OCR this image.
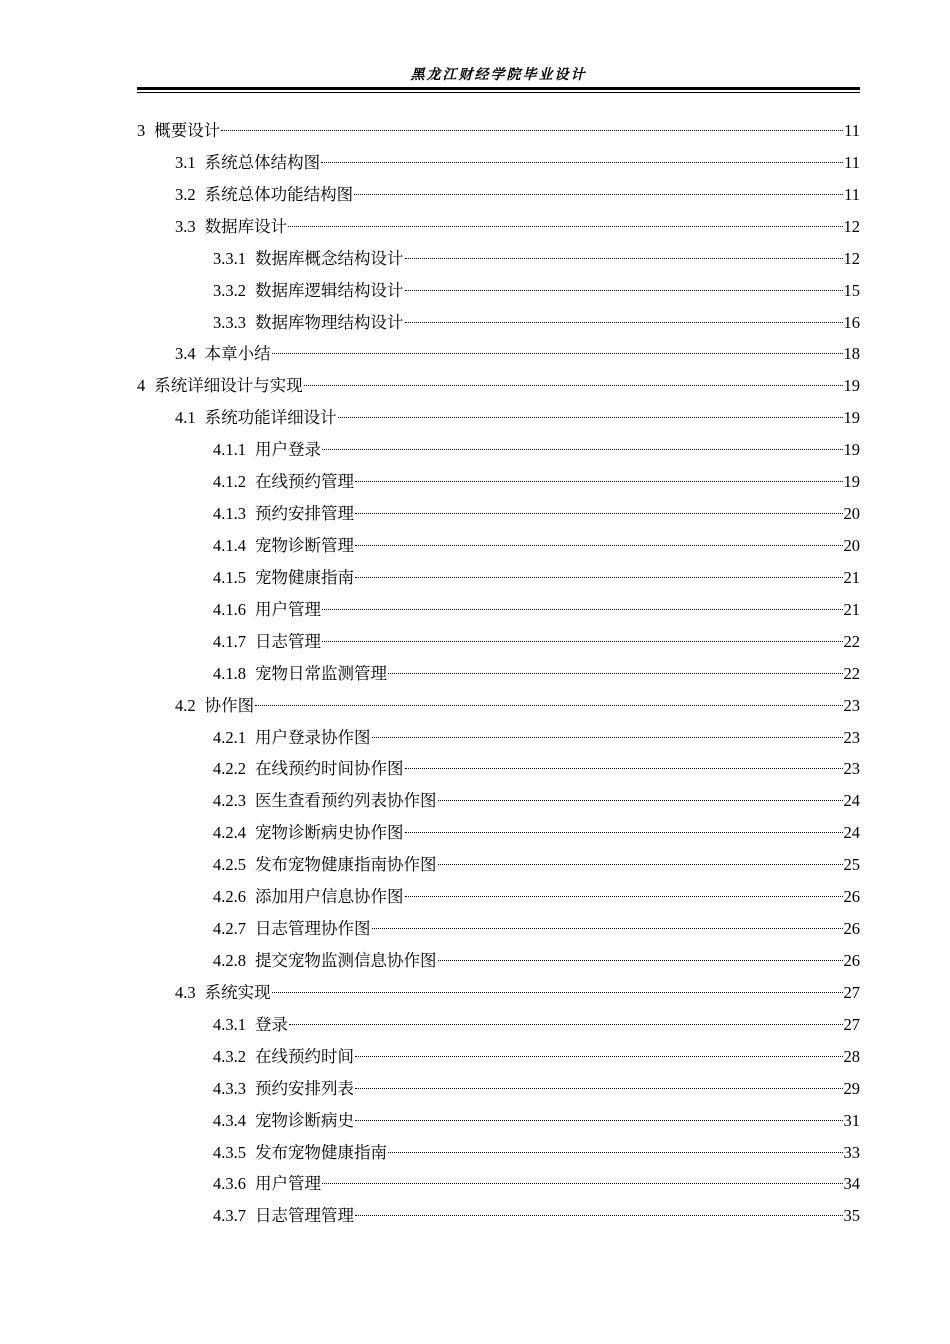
黑龙江财经学院毕业设计
3 概要设计	11
3.1 系统总体结构图	11
3.2 系统总体功能结构图	11
3.3 数据库设计	12
3.3.1 数据库概念结构设计	12
3.3.2 数据库逻辑结构设计	15
3.3.3 数据库物理结构设计	16
3.4 本章小结	18
4 系统详细设计与实现	19
4.1 系统功能详细设计	19
4.1.1 用户登录	19
4.1.2 在线预约管理	19
4.1.3 预约安排管理	20
4.1.4 宠物诊断管理	20
4.1.5 宠物健康指南	21
4.1.6 用户管理	21
4.1.7 日志管理	22
4.1.8 宠物日常监测管理	22
4.2 协作图	23
4.2.1 用户登录协作图	23
4.2.2 在线预约时间协作图	23
4.2.3 医生查看预约列表协作图	24
4.2.4 宠物诊断病史协作图	24
4.2.5 发布宠物健康指南协作图	25
4.2.6 添加用户信息协作图	26
4.2.7 日志管理协作图	26
4.2.8 提交宠物监测信息协作图	26
4.3 系统实现	27
4.3.1 登录	27
4.3.2 在线预约时间	28
4.3.3 预约安排列表	29
4.3.4 宠物诊断病史	31
4.3.5 发布宠物健康指南	33
4.3.6 用户管理	34
4.3.7 日志管理管理	35
